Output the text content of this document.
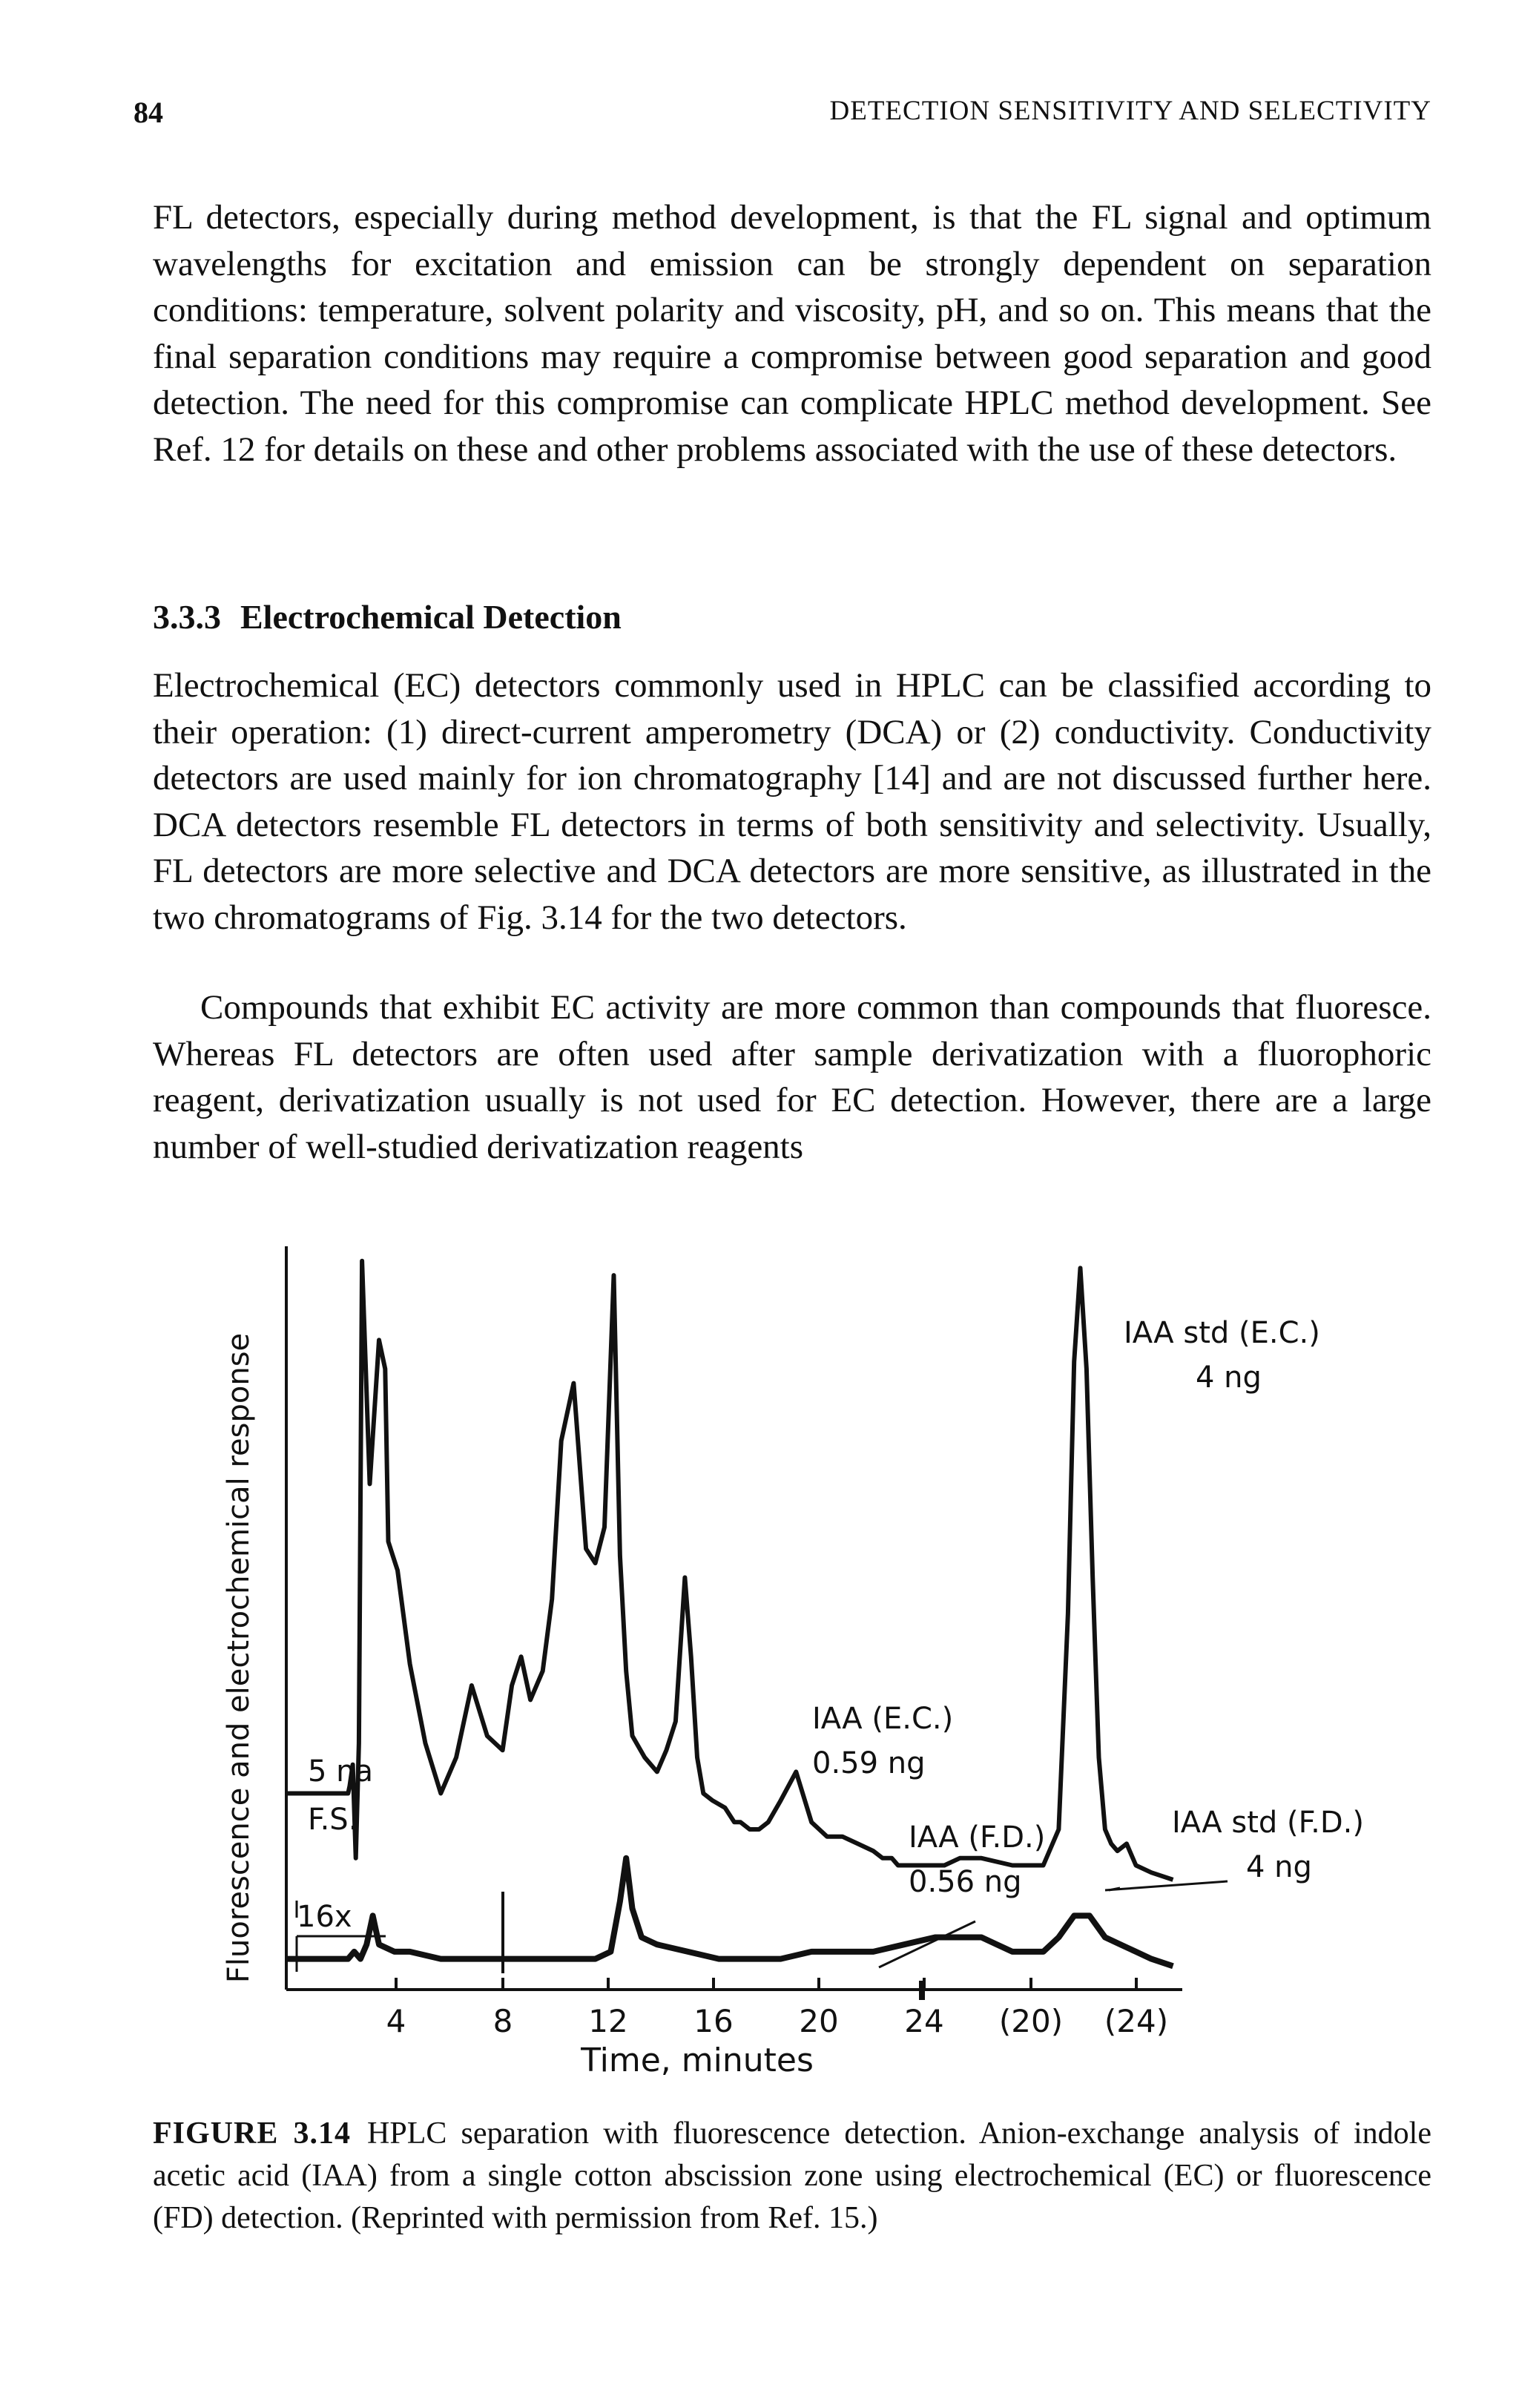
84	DETECTION SENSITIVITY AND SELECTIVITY

FL detectors, especially during method development, is that the FL signal and optimum wavelengths for excitation and emission can be strongly dependent on separation conditions: temperature, solvent polarity and viscosity, pH, and so on. This means that the final separation conditions may require a compromise between good separation and good detection. The need for this compromise can complicate HPLC method development. See Ref. 12 for details on these and other problems associated with the use of these detectors.

3.3.3 Electrochemical Detection

Electrochemical (EC) detectors commonly used in HPLC can be classified according to their operation: (1) direct-current amperometry (DCA) or (2) conductivity. Conductivity detectors are used mainly for ion chromatography [14] and are not discussed further here. DCA detectors resemble FL detectors in terms of both sensitivity and selectivity. Usually, FL detectors are more selective and DCA detectors are more sensitive, as illustrated in the two chromatograms of Fig. 3.14 for the two detectors.

Compounds that exhibit EC activity are more common than compounds that fluoresce. Whereas FL detectors are often used after sample derivatization with a fluorophoric reagent, derivatization usually is not used for EC detection. However, there are a large number of well-studied derivatization reagents

4	8 12 16 20 24 (20) (24)
Fluorescence and electrochemical response
Time, minutes
5 na
F.S.
16x
IAA (E.C.)
0.59 ng
IAA (F.D.)
0.56 ng
IAA std (E.C.)
4 ng
IAA std (F.D.)
4 ng

FIGURE 3.14 HPLC separation with fluorescence detection. Anion-exchange analysis of indole acetic acid (IAA) from a single cotton abscission zone using electrochemical (EC) or fluorescence (FD) detection. (Reprinted with permission from Ref. 15.)
